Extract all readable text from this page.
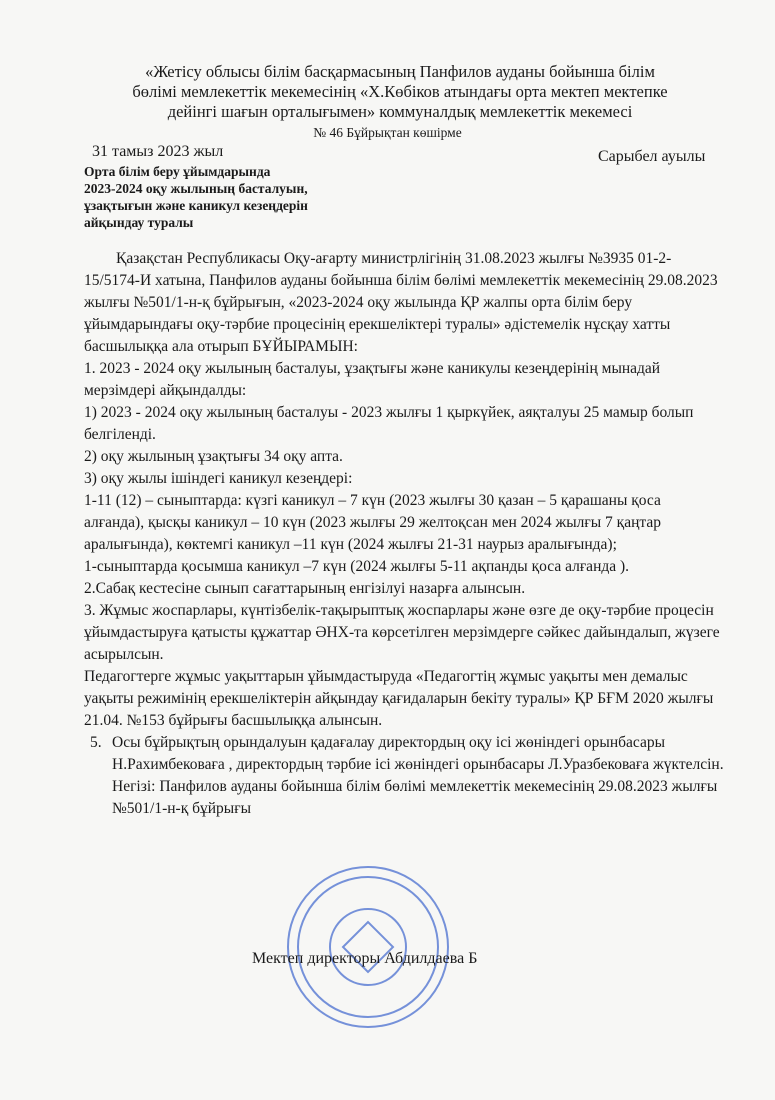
«Жетісу облысы білім басқармасының Панфилов ауданы бойынша білім
бөлімі мемлекеттік мекемесінің «Х.Көбіков атындағы орта мектеп мектепке
дейінгі шағын орталығымен» коммуналдық мемлекеттік мекемесі
№ 46 Бұйрықтан көшірме
31 тамыз 2023 жыл	Сарыбел ауылы
Орта білім беру ұйымдарында
2023-2024 оқу жылының басталуын,
ұзақтығын және каникул кезеңдерін
айқындау туралы

Қазақстан Республикасы Оқу-ағарту министрлігінің 31.08.2023 жылғы №3935 01-2-15/5174-И хатына, Панфилов ауданы бойынша білім бөлімі мемлекеттік мекемесінің 29.08.2023 жылғы №501/1-н-қ бұйрығын, «2023-2024 оқу жылында ҚР жалпы орта білім беру ұйымдарындағы оқу-тәрбие процесінің ерекшеліктері туралы» әдістемелік нұсқау хатты басшылыққа ала отырып БҰЙЫРАМЫН:

1. 2023 - 2024 оқу жылының басталуы, ұзақтығы және каникулы кезеңдерінің мынадай мерзімдері айқындалды:

1) 2023 - 2024 оқу жылының басталуы - 2023 жылғы 1 қыркүйек, аяқталуы 25 мамыр болып белгіленді.

2) оқу жылының ұзақтығы 34 оқу апта.

3) оқу жылы ішіндегі каникул кезеңдері:

1-11 (12) – сыныптарда: күзгі каникул – 7 күн (2023 жылғы 30 қазан – 5 қарашаны қоса алғанда), қысқы каникул – 10 күн (2023 жылғы 29 желтоқсан мен 2024 жылғы 7 қаңтар аралығында), көктемгі каникул –11 күн (2024 жылғы 21-31 наурыз аралығында);

1-сыныптарда қосымша каникул –7 күн (2024 жылғы 5-11 ақпанды қоса алғанда ).

2.Сабақ кестесіне сынып сағаттарының енгізілуі назарға алынсын.

3. Жұмыс жоспарлары, күнтізбелік-тақырыптық жоспарлары және өзге де оқу-тәрбие процесін ұйымдастыруға қатысты құжаттар ӘНХ-та көрсетілген мерзімдерге сәйкес дайындалып, жүзеге асырылсын.

Педагогтерге жұмыс уақыттарын ұйымдастыруда «Педагогтің жұмыс уақыты мен демалыс уақыты режимінің ерекшеліктерін айқындау қағидаларын бекіту туралы» ҚР БҒМ 2020 жылғы 21.04. №153 бұйрығы басшылыққа алынсын.

5. Осы бұйрықтың орындалуын қадағалау директордың оқу ісі жөніндегі орынбасары Н.Рахимбековаға , директордың тәрбие ісі жөніндегі орынбасары Л.Уразбековаға жүктелсін.

Негізі: Панфилов ауданы бойынша білім бөлімі мемлекеттік мекемесінің 29.08.2023 жылғы №501/1-н-қ бұйрығы

Мектеп директоры Абдилдаева Б
